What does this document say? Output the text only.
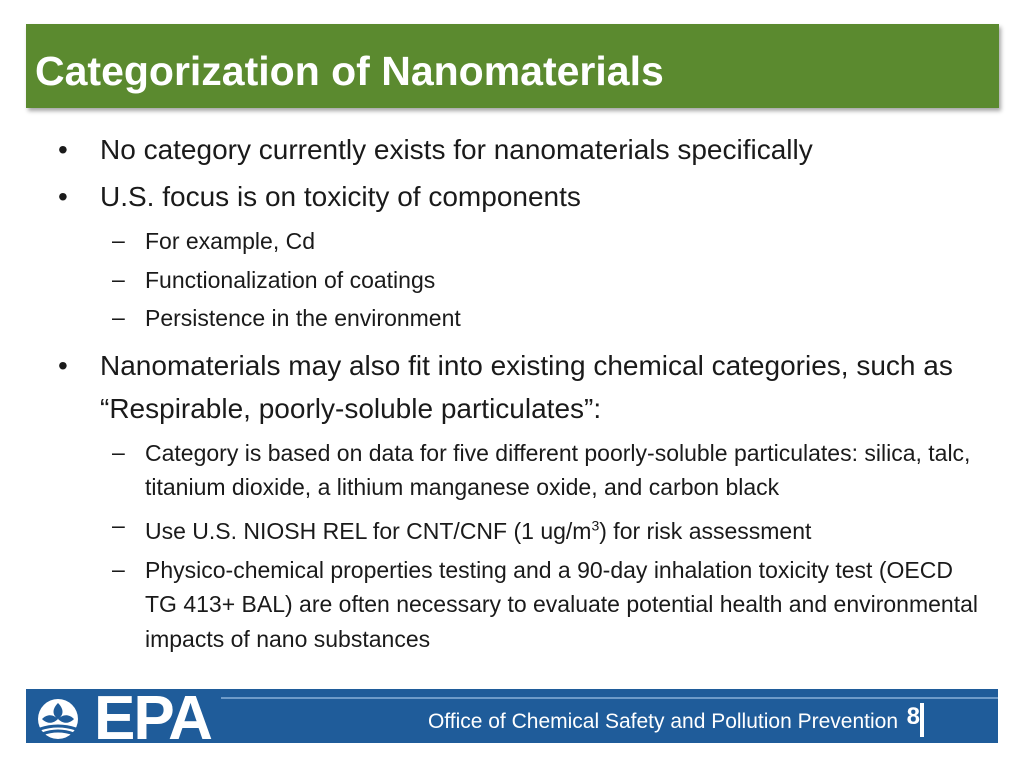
Categorization of Nanomaterials
• No category currently exists for nanomaterials specifically
• U.S. focus is on toxicity of components
– For example, Cd
– Functionalization of coatings
– Persistence in the environment
• Nanomaterials may also fit into existing chemical categories, such as “Respirable, poorly-soluble particulates”:
– Category is based on data for five different poorly-soluble particulates: silica, talc, titanium dioxide, a lithium manganese oxide, and carbon black
– Use U.S. NIOSH REL for CNT/CNF (1 $ug/m^3$) for risk assessment
– Physico-chemical properties testing and a 90-day inhalation toxicity test (OECD TG 413+ BAL) are often necessary to evaluate potential health and environmental impacts of nano substances
EPA	Office of Chemical Safety and Pollution Prevention 8
